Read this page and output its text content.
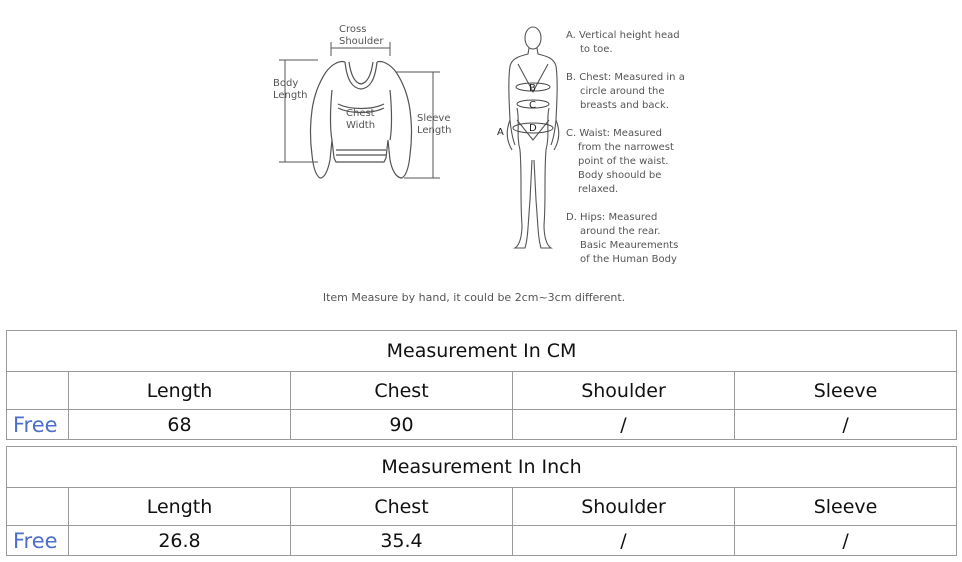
Cross
Shoulder
Body
Length
Chest
Width
Sleeve
Length
B
C
A	D
A. Vertical height head
to toe.
B. Chest: Measured in a
circle around the
breasts and back.
C. Waist: Measured
from the narrowest
point of the waist.
Body shoould be
relaxed.
D. Hips: Measured
around the rear.
Basic Meaurements
of the Human Body
Item Measure by hand, it could be 2cm~3cm different.
Measurement In CM				
	Length	Chest	Shoulder	Sleeve
Free	68	90	/	/
Measurement In Inch				
	Length	Chest	Shoulder	Sleeve
Free	26.8	35.4	/	/
